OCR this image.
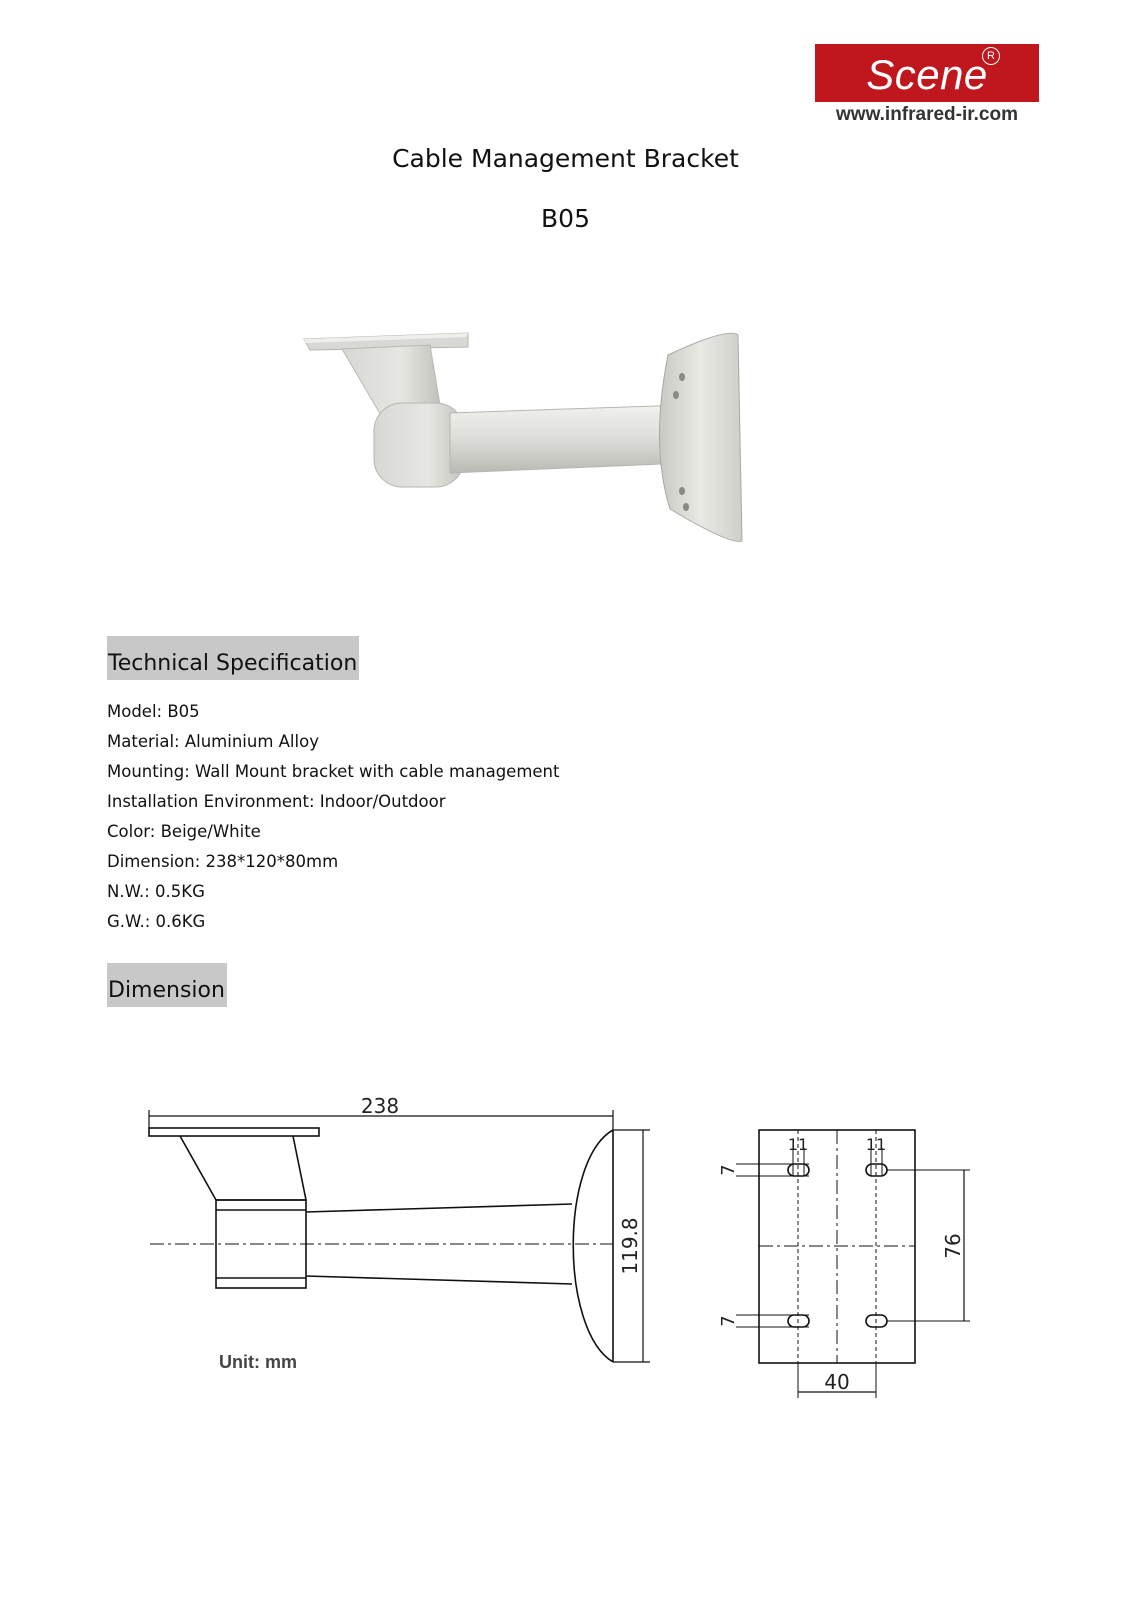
Scene R
www.infrared-ir.com
Cable Management Bracket
B05
Technical Specification
Model: B05
Material: Aluminium Alloy
Mounting: Wall Mount bracket with cable management
Installation Environment: Indoor/Outdoor
Color: Beige/White
Dimension: 238*120*80mm
N.W.: 0.5KG
G.W.: 0.6KG
Dimension
238
119.8
Unit: mm
11	11
7
7
76
40
